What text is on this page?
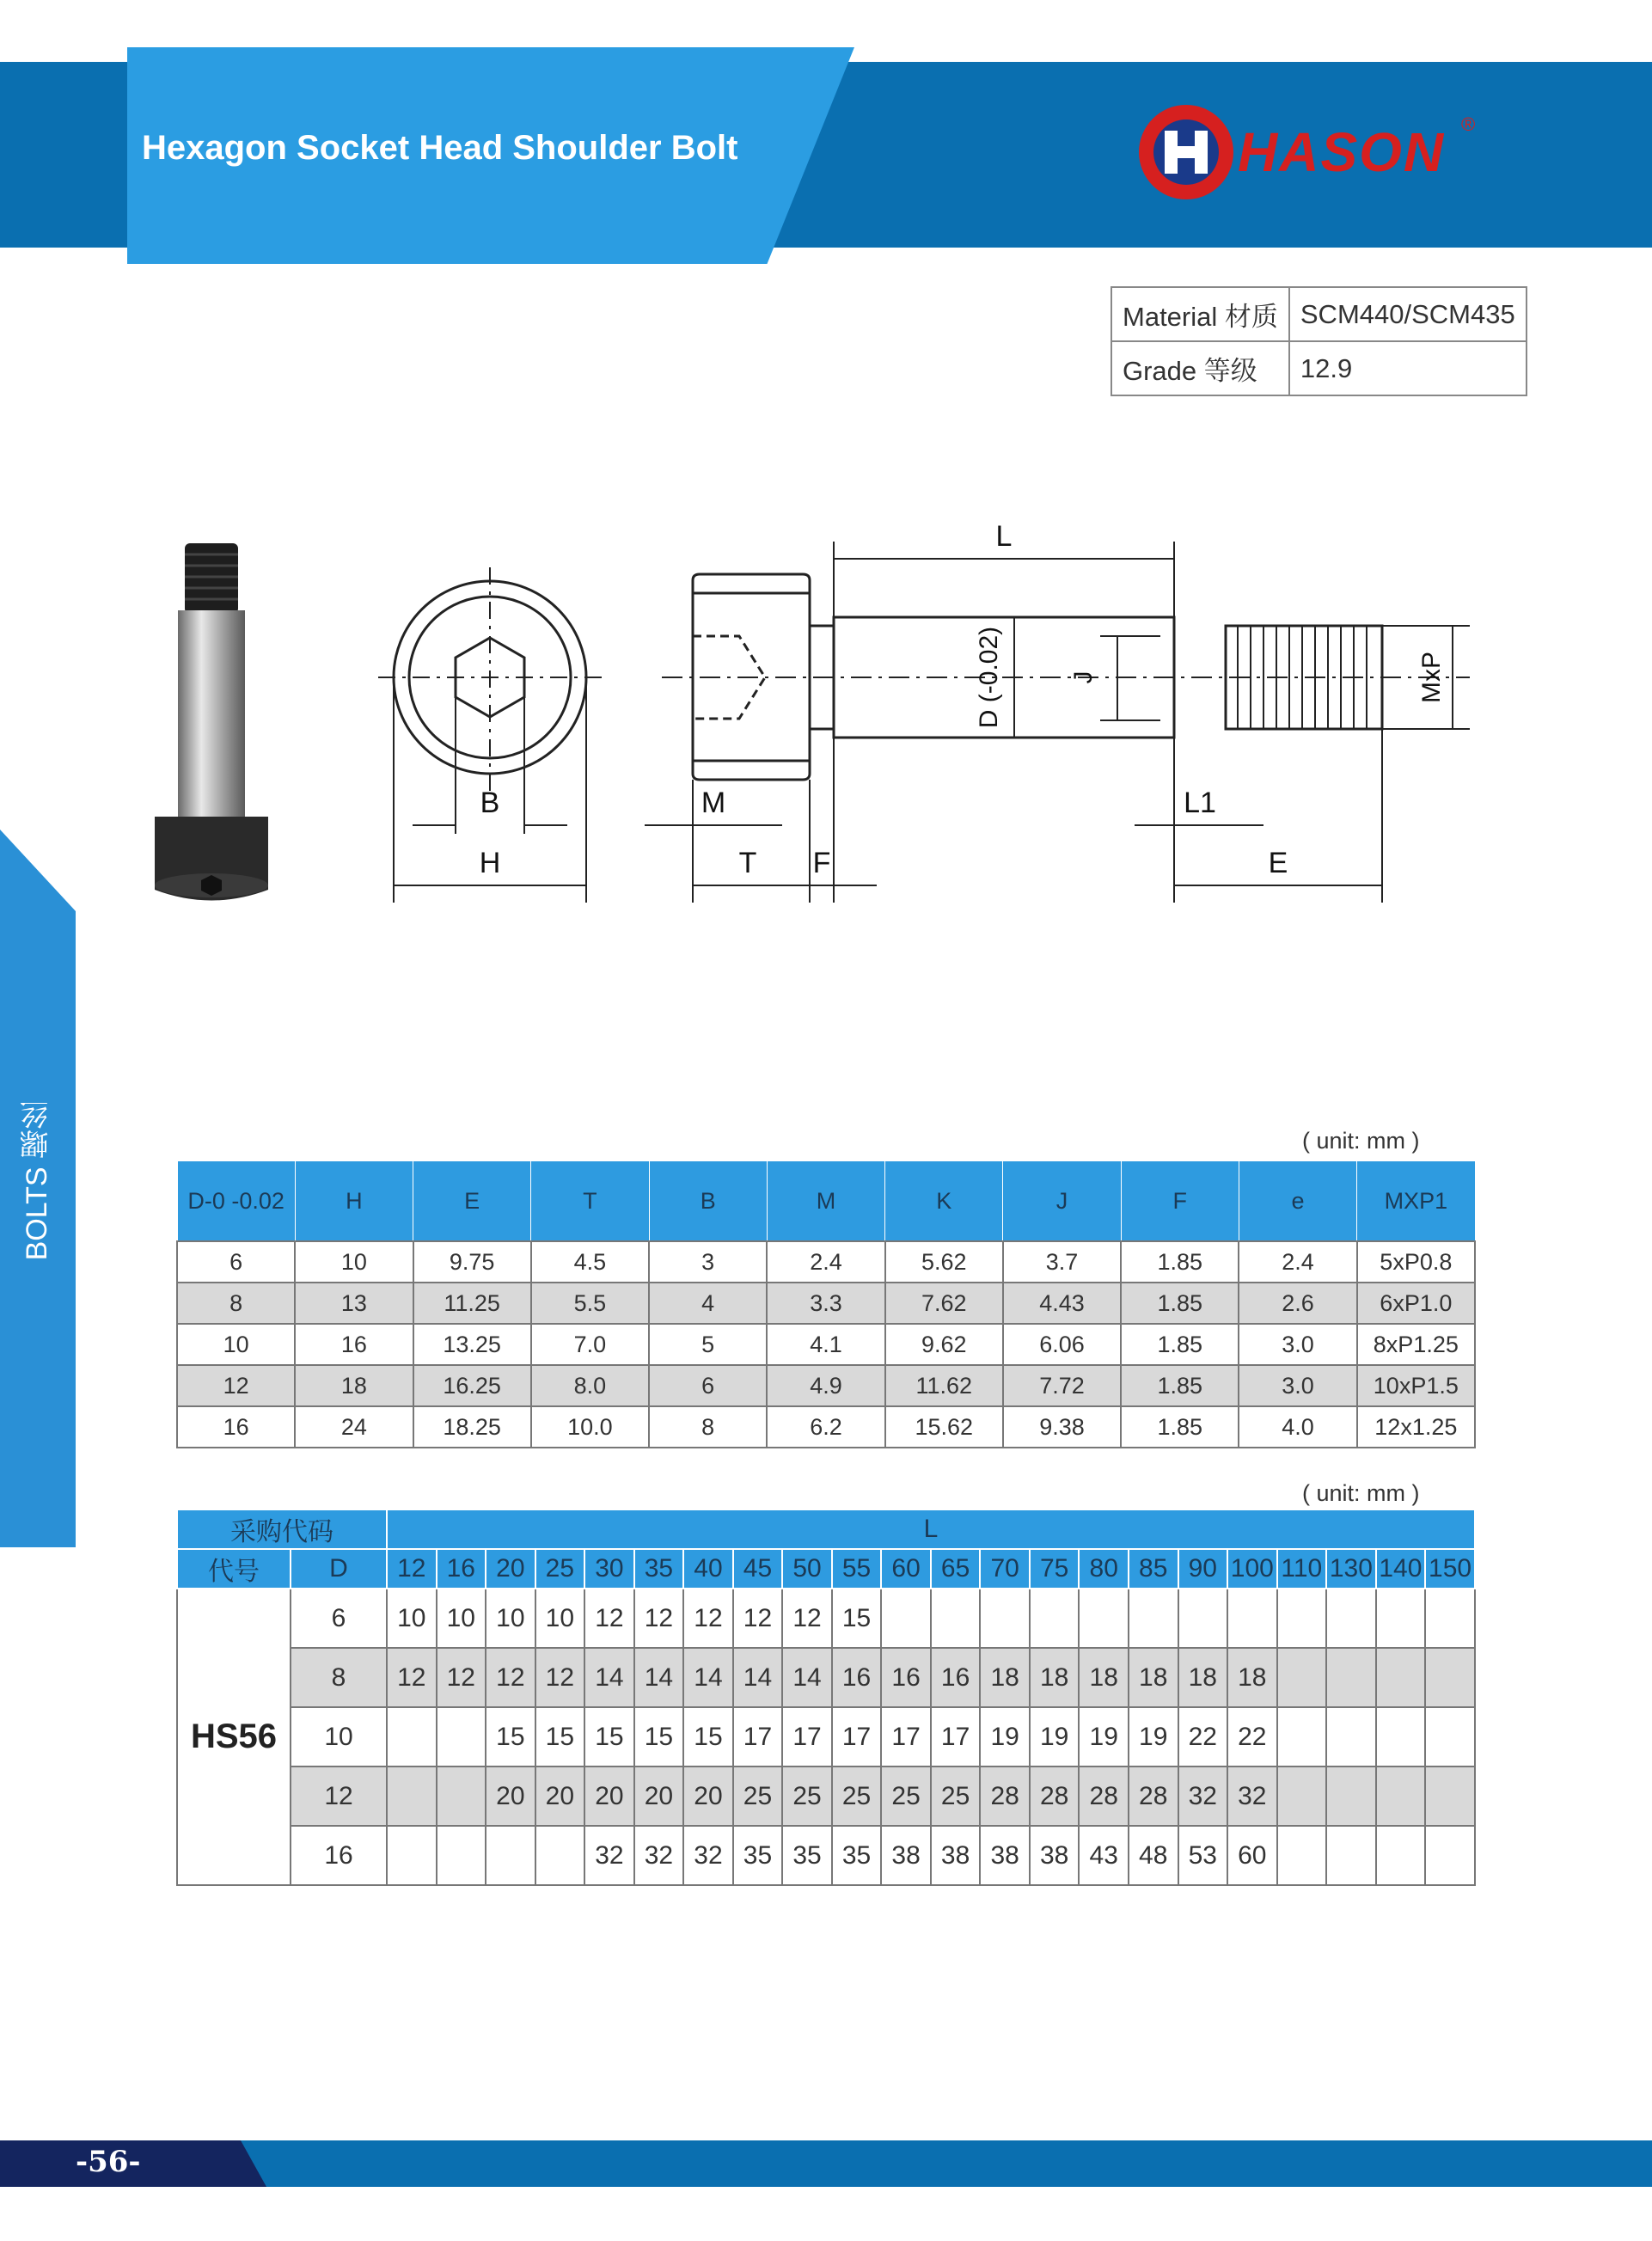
Hexagon Socket Head Shoulder Bolt	HASON ®
Material 材质	SCM440/SCM435
Grade 等级	12.9
BOLTS 螺丝
B
H
L
D (-0.02)	J	MxP
M
T F
L1
E
( unit: mm )
D-0 -0.02	H	E	T	B	M	K	J	F	e	MXP1
6	10	9.75	4.5	3	2.4	5.62	3.7	1.85	2.4	5xP0.8
8	13	11.25	5.5	4	3.3	7.62	4.43	1.85	2.6	6xP1.0
10	16	13.25	7.0	5	4.1	9.62	6.06	1.85	3.0	8xP1.25
12	18	16.25	8.0	6	4.9	11.62	7.72	1.85	3.0	10xP1.5
16	24	18.25	10.0	8	6.2	15.62	9.38	1.85	4.0	12x1.25
( unit: mm )
采购代码		L																					
代号	D	12	16	20	25	30	35	40	45	50	55	60	65	70	75	80	85	90	100	110	130	140	150
HS56	6	10	10	10	10	12	12	12	12	12	15												
	8	12	12	12	12	14	14	14	14	14	16	16	16	18	18	18	18	18	18				
	10			15	15	15	15	15	17	17	17	17	17	19	19	19	19	22	22				
	12			20	20	20	20	20	25	25	25	25	25	28	28	28	28	32	32				
	16					32	32	32	35	35	35	38	38	38	38	43	48	53	60				
-56-
